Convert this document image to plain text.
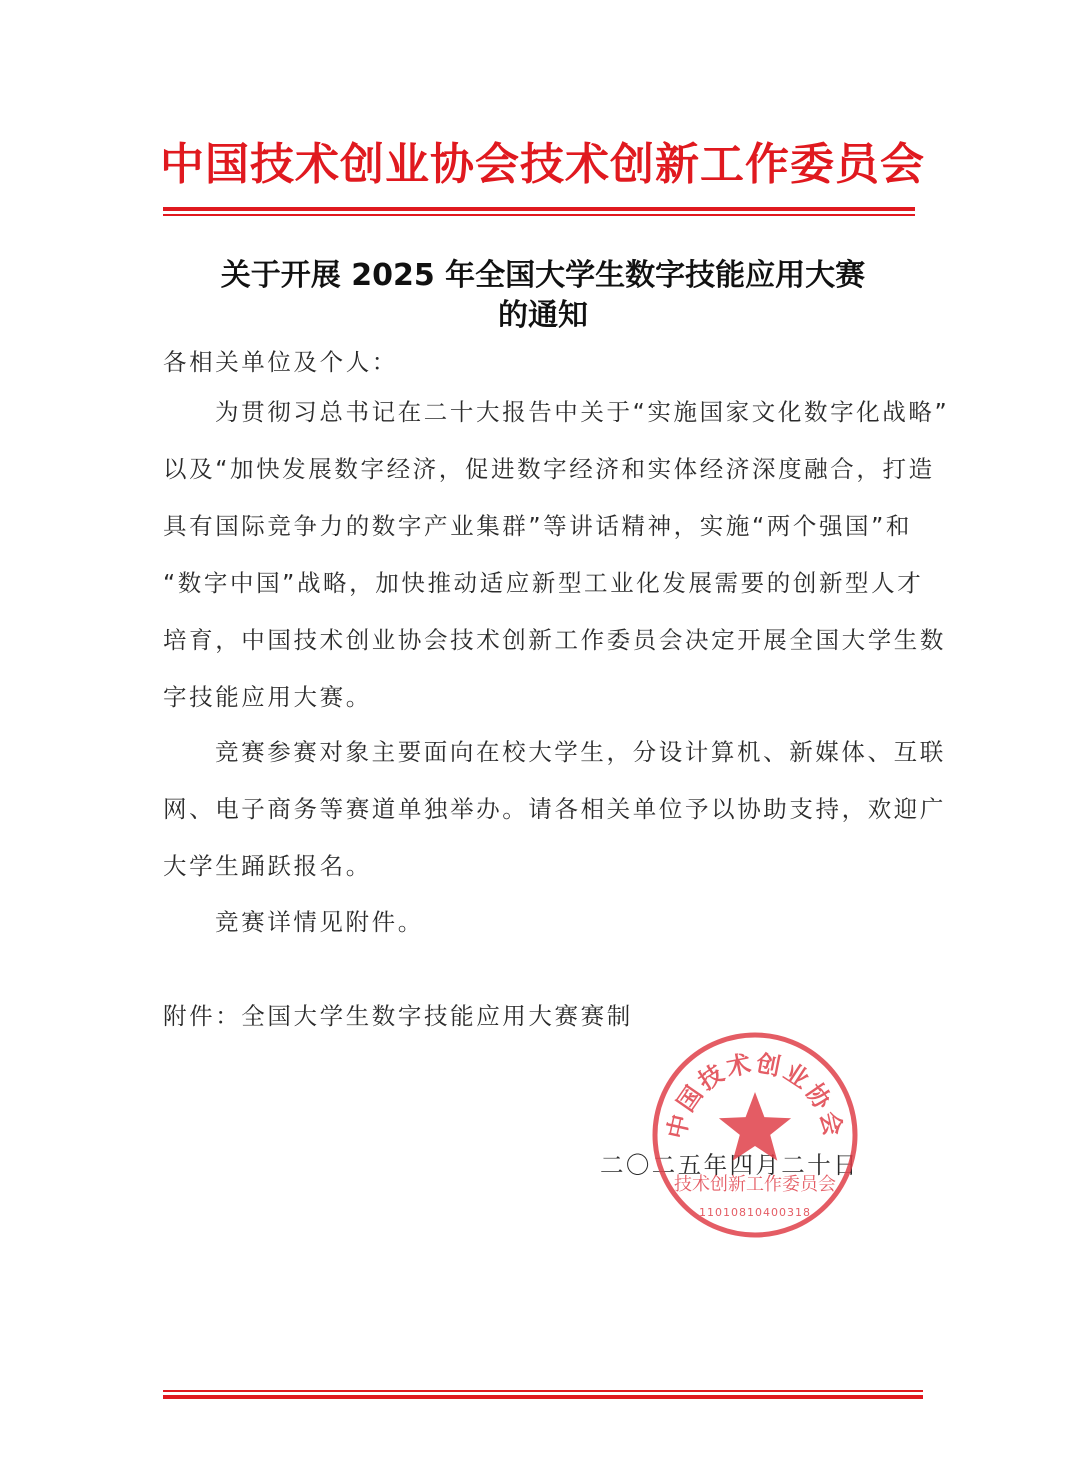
中国技术创业协会技术创新工作委员会
关于开展 2025 年全国大学生数字技能应用大赛
的通知
各相关单位及个人：
为贯彻习总书记在二十大报告中关于“实施国家文化数字化战略”
以及“加快发展数字经济，促进数字经济和实体经济深度融合，打造
具有国际竞争力的数字产业集群”等讲话精神，实施“两个强国”和
“数字中国”战略，加快推动适应新型工业化发展需要的创新型人才
培育，中国技术创业协会技术创新工作委员会决定开展全国大学生数
字技能应用大赛。
竞赛参赛对象主要面向在校大学生，分设计算机、新媒体、互联
网、电子商务等赛道单独举办。请各相关单位予以协助支持，欢迎广
大学生踊跃报名。
竞赛详情见附件。
附件：全国大学生数字技能应用大赛赛制
二〇二五年四月二十日
中国技术创业协会
技术创新工作委员会
1101081040031​8
